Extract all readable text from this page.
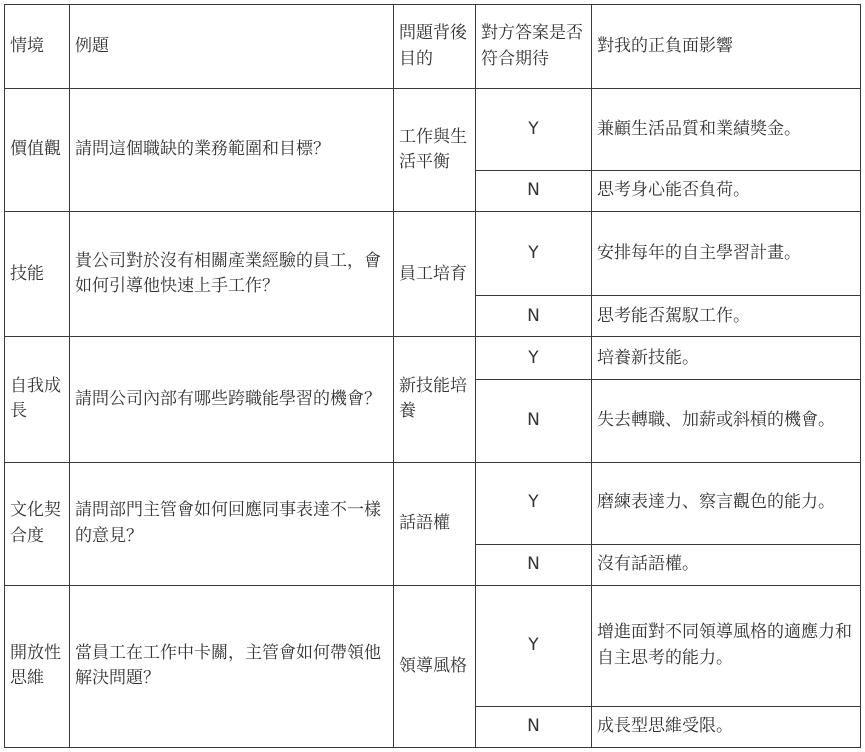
情境	例題	問題背後目的	對方答案是否符合期待	對我的正負面影響
價值觀	請問這個職缺的業務範圍和目標？	工作與生活平衡	Y	兼顧生活品質和業績獎金。
			N	思考身心能否負荷。
技能	貴公司對於沒有相關產業經驗的員工，會如何引導他快速上手工作？	員工培育	Y	安排每年的自主學習計畫。
			N	思考能否駕馭工作。
自我成長	請問公司內部有哪些跨職能學習的機會？	新技能培養	Y	培養新技能。
			N	失去轉職、加薪或斜槓的機會。
文化契合度	請問部門主管會如何回應同事表達不一樣的意見？	話語權	Y	磨練表達力、察言觀色的能力。
			N	沒有話語權。
開放性思維	當員工在工作中卡關，主管會如何帶領他解決問題？	領導風格	Y	增進面對不同領導風格的適應力和自主思考的能力。
			N	成長型思維受限。
